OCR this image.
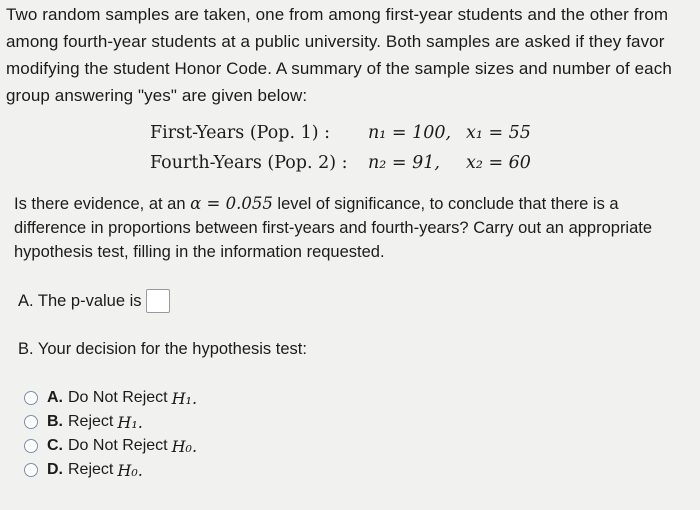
Two random samples are taken, one from among first-year students and the other from among fourth-year students at a public university. Both samples are asked if they favor modifying the student Honor Code. A summary of the sample sizes and number of each group answering "yes" are given below:
First-Years (Pop. 1) :	n₁ = 100, x₁ = 55
Fourth-Years (Pop. 2) :	n₂ = 91,	x₂ = 60
Is there evidence, at an α = 0.055 level of significance, to conclude that there is a difference in proportions between first-years and fourth-years? Carry out an appropriate hypothesis test, filling in the information requested.
A. The p-value is
B. Your decision for the hypothesis test:
A. Do Not Reject H₁.
B. Reject H₁.
C. Do Not Reject H₀.
D. Reject H₀.
